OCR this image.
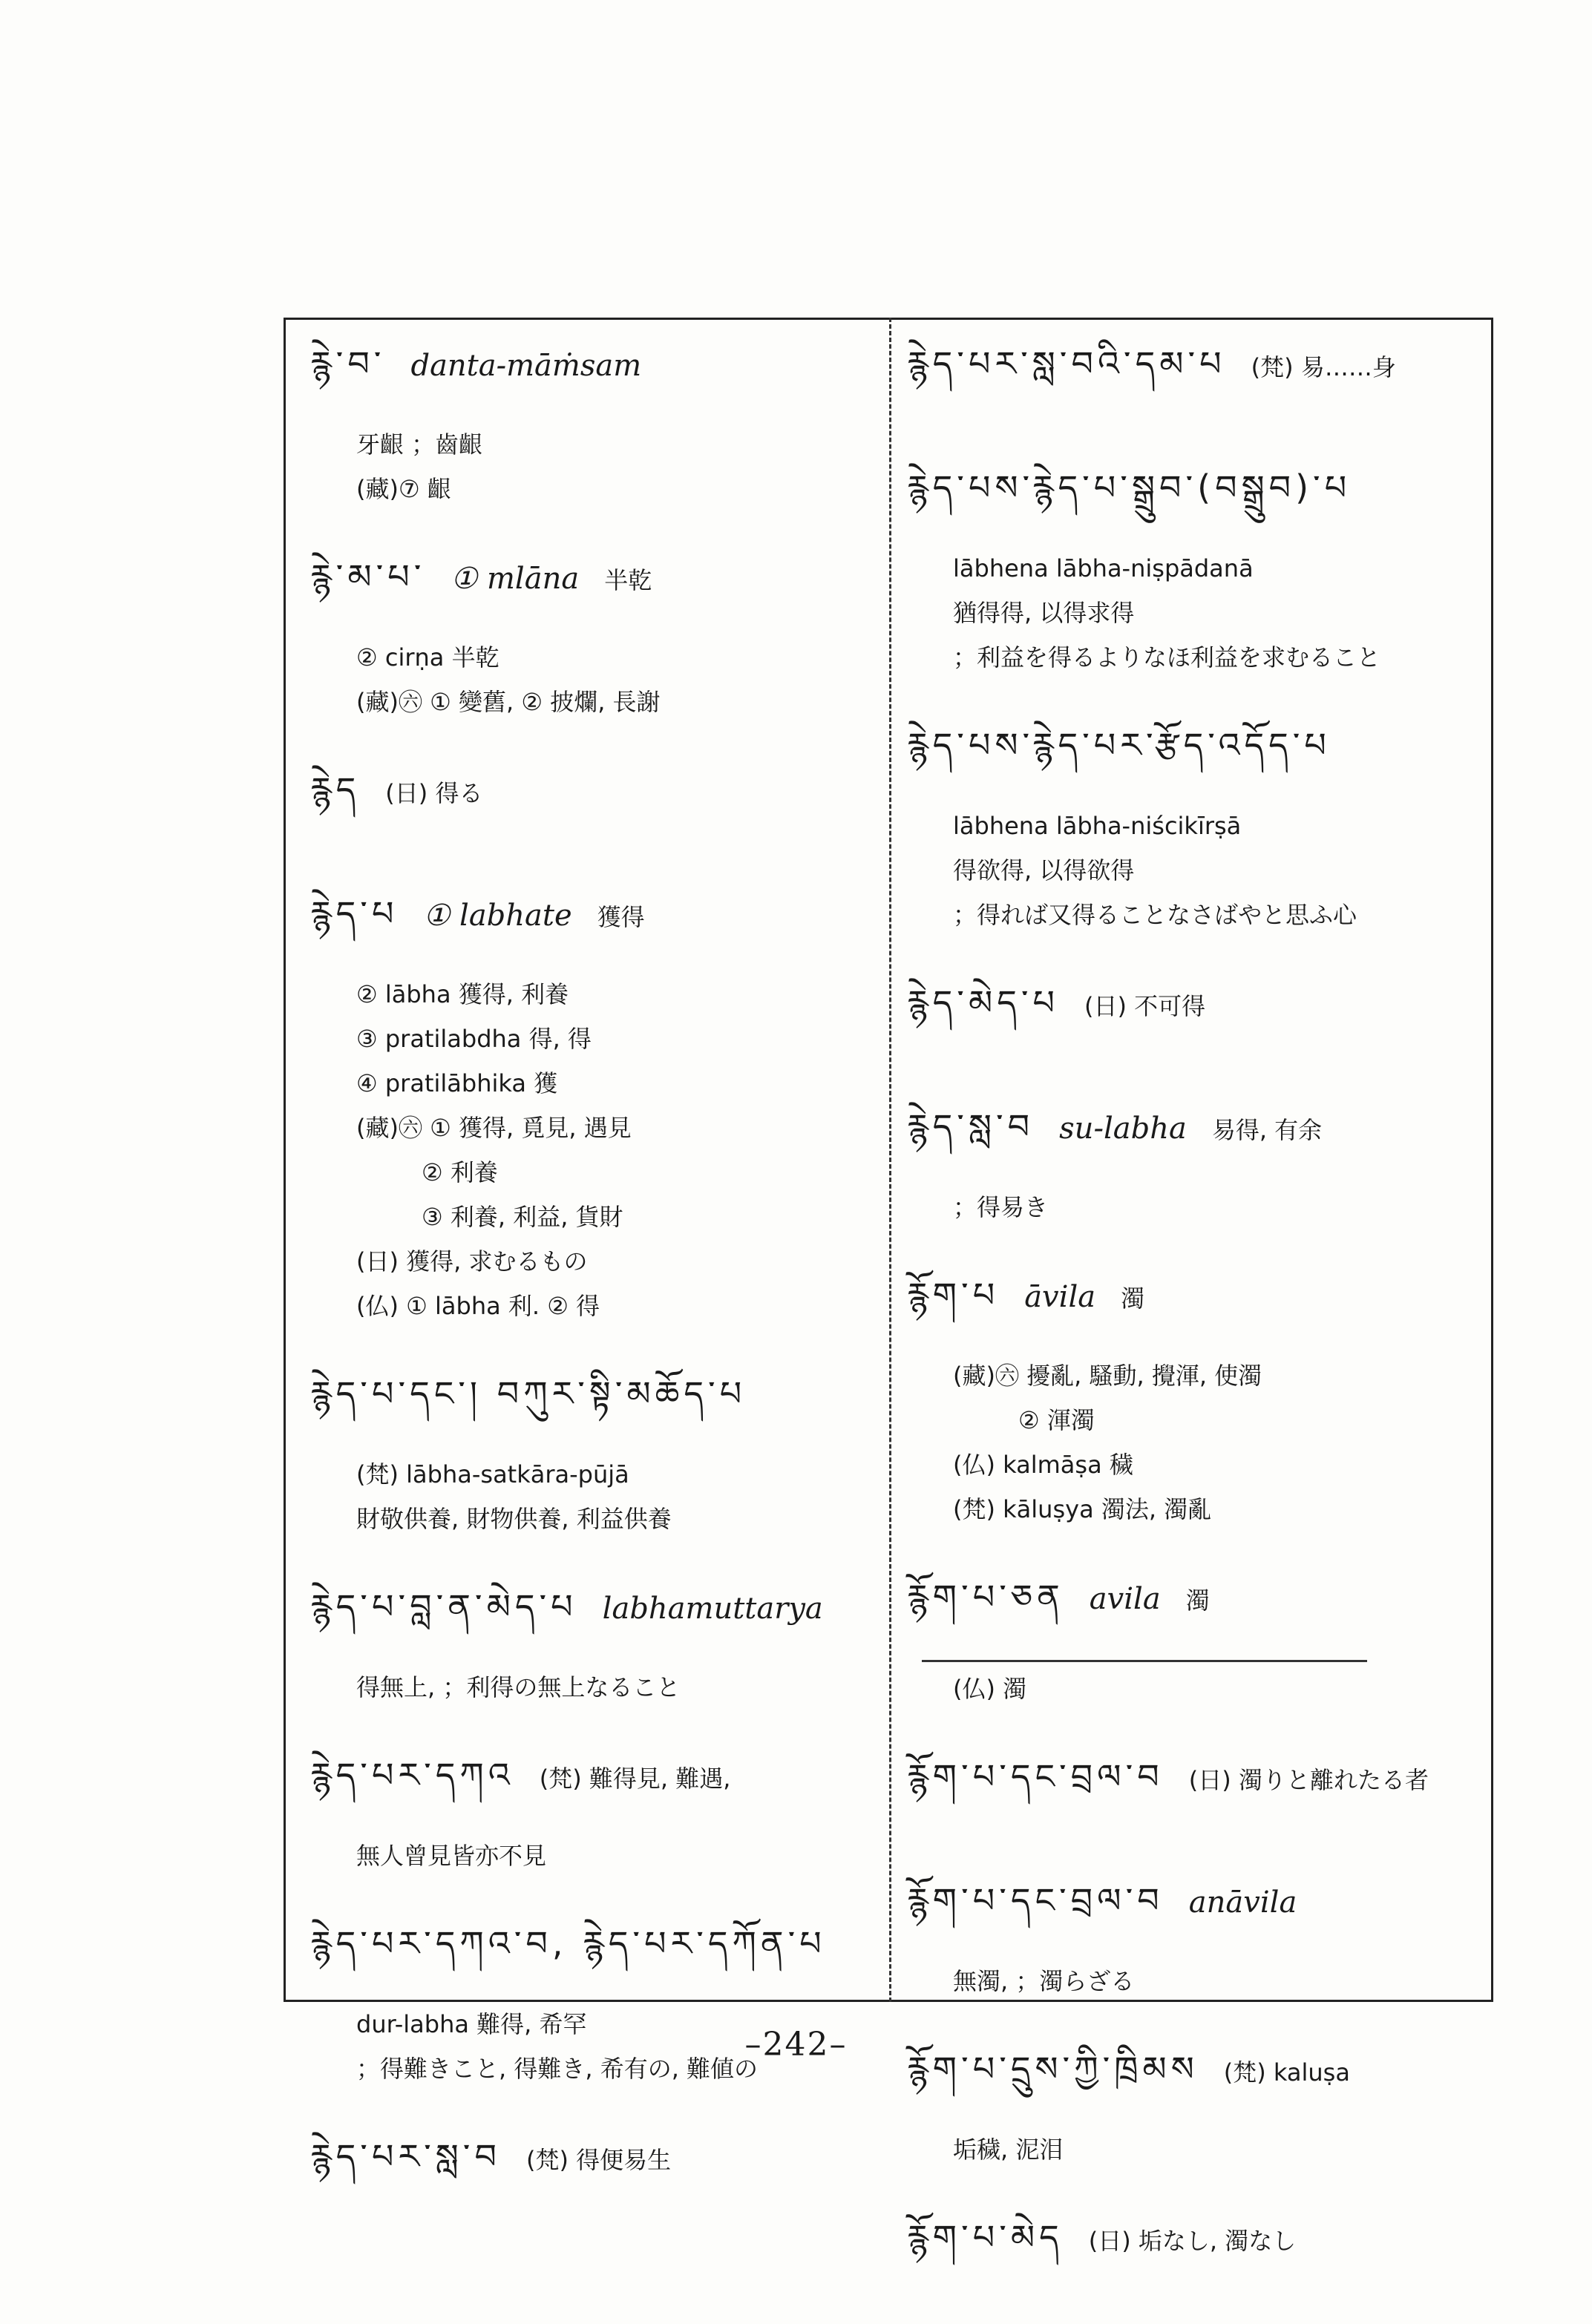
རྙེ་བ་ danta-māṁsam
牙齦 ；齒齦
(藏)⑦ 齦
རྙེ་མ་པ་ ① mlāna 半乾
② cirṇa 半乾
(藏)㊅ ① 變舊, ② 披爛, 長謝
རྙེད (日) 得る
རྙེད་པ ① labhate 獲得
② lābha 獲得, 利養
③ pratilabdha 得, 得
④ pratilābhika 獲
(藏)㊅ ① 獲得, 覓見, 遇見
② 利養
③ 利養, 利益, 貨財
(日) 獲得, 求むるもの
(仏) ① lābha 利. ② 得
རྙེད་པ་དང་། བཀུར་སྟི་མཆོད་པ
(梵) lābha-satkāra-pūjā
財敬供養, 財物供養, 利益供養
རྙེད་པ་བླ་ན་མེད་པ labhamuttarya
得無上, ；利得の無上なること
རྙེད་པར་དཀའ (梵) 難得見, 難遇,
無人曾見皆亦不見
རྙེད་པར་དཀའ་བ, རྙེད་པར་དཀོན་པ
dur-labha 難得, 希罕
；得難きこと, 得難き, 希有の, 難値の
རྙེད་པར་སླ་བ (梵) 得便易生
རྙེད་པར་སླ་བའི་དམ་པ (梵) 易……身
རྙེད་པས་རྙེད་པ་སྒྲུབ་(བསྒྲུབ)་པ
lābhena lābha-niṣpādanā
猶得得, 以得求得
；利益を得るよりなほ利益を求むること
རྙེད་པས་རྙེད་པར་རྩོད་འདོད་པ
lābhena lābha-niścikīrṣā
得欲得, 以得欲得
；得れば又得ることなさばやと思ふ心
རྙེད་མེད་པ (日) 不可得
རྙེད་སླ་བ su-labha 易得, 有余
；得易き
རྙོག་པ āvila 濁
(藏)㊅ 擾亂, 騷動, 攪渾, 使濁
② 渾濁
(仏) kalmāṣa 穢
(梵) kāluṣya 濁法, 濁亂
རྙོག་པ་ཅན avila 濁
(仏) 濁
རྙོག་པ་དང་བྲལ་བ (日) 濁りと離れたる者
རྙོག་པ་དང་བྲལ་བ anāvila
無濁, ；濁らざる
རྙོག་པ་དྲུས་ཀྱི་ཁྲིམས (梵) kaluṣa
垢穢, 泥泪
རྙོག་པ་མེད (日) 垢なし, 濁なし
–242–
